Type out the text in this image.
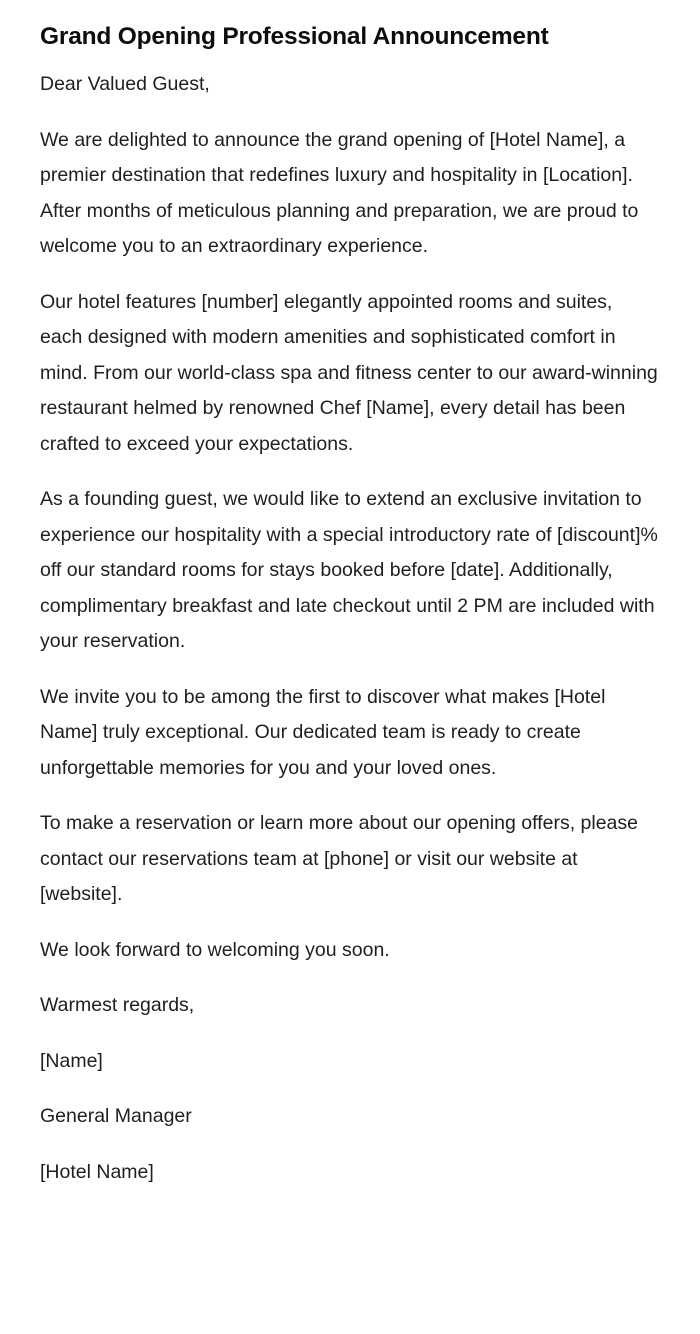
Grand Opening Professional Announcement

Dear Valued Guest,

We are delighted to announce the grand opening of [Hotel Name], a premier destination that redefines luxury and hospitality in [Location]. After months of meticulous planning and preparation, we are proud to welcome you to an extraordinary experience.

Our hotel features [number] elegantly appointed rooms and suites, each designed with modern amenities and sophisticated comfort in mind. From our world-class spa and fitness center to our award-winning restaurant helmed by renowned Chef [Name], every detail has been crafted to exceed your expectations.

As a founding guest, we would like to extend an exclusive invitation to experience our hospitality with a special introductory rate of [discount]% off our standard rooms for stays booked before [date]. Additionally, complimentary breakfast and late checkout until 2 PM are included with your reservation.

We invite you to be among the first to discover what makes [Hotel Name] truly exceptional. Our dedicated team is ready to create unforgettable memories for you and your loved ones.

To make a reservation or learn more about our opening offers, please contact our reservations team at [phone] or visit our website at [website].

We look forward to welcoming you soon.

Warmest regards,

[Name]

General Manager

[Hotel Name]
